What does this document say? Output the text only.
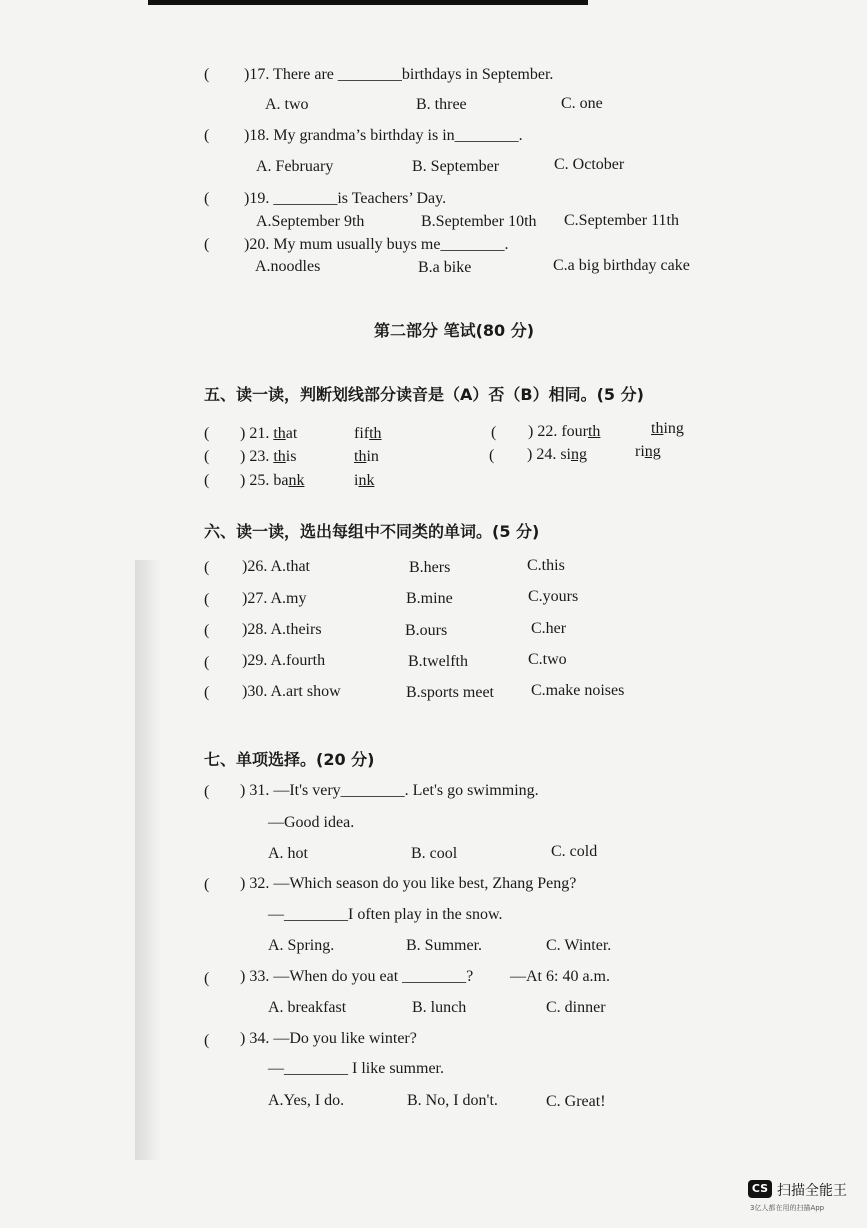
( )17. There are ________birthdays in September.
A. two	B. three	C. one
( )18. My grandma’s birthday is in________.
A. February	B. September	C. October
( )19. ________is Teachers’ Day.
A.September 9th	B.September 10th C.September 11th
( )20. My mum usually buys me________.
A.noodles	B.a bike	C.a big birthday cake
第二部分 笔试(80 分)
五、读一读，判断划线部分读音是（A）否（B）相同。(5 分)
( ) 21. that	fifth	( ) 22. fourth	thing
( ) 23. this	thin	( ) 24. sing	ring
( ) 25. bank	ink
六、读一读，选出每组中不同类的单词。(5 分)
( )26. A.that	B.hers	C.this
( )27. A.my	B.mine	C.yours
( )28. A.theirs	B.ours	C.her
( )29. A.fourth	B.twelfth	C.two
( )30. A.art show	B.sports meet C.make noises
七、单项选择。(20 分)
( ) 31. —It's very________. Let's go swimming.
—Good idea.
A. hot	B. cool	C. cold
( ) 32. —Which season do you like best, Zhang Peng?
—________I often play in the snow.
A. Spring.	B. Summer.	C. Winter.
( ) 33. —When do you eat ________? —At 6: 40 a.m.
A. breakfast	B. lunch	C. dinner
( ) 34. —Do you like winter?
—________ I like summer.
A.Yes, I do.	B. No, I don't.	C. Great!
CS 扫描全能王
3亿人都在用的扫描App
